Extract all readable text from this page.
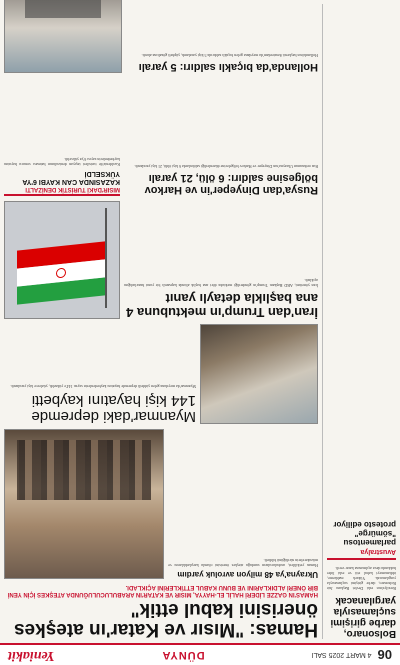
06
4 MART 2025 SALI
DÜNYA
Yeniakit
Bolsonaro, darbe girişimi suçlamasıyla yargılanacak

Brezilya'nın eski Devlet Başkanı Jair Bolsonaro, darbe girişimi suçlamasıyla yargılanacak. Yüksek mahkeme, iddianameyi kabul etti ve eski lider hakkında dava açılmasına karar verdi.

Avustralya
parlamentosu "sömürge" protesto ediliyor
Hamas: "Mısır ve Katar'ın ateşkes önerisini kabul ettik"
HAMAS'IN GAZZE LİDERİ HALİL EL-HAYYA, MISIR VE KATAR'IN ARABULUCULUĞUNDA ATEŞKES İÇİN YENİ BİR ÖNERİ ALDIKLARINI VE BUNU KABUL ETTİKLERİNİ AÇIKLADI.
Ukrayna'ya 48 milyon avroluk yardım

Hamas yetkilileri, arabulucuların sunduğu ateşkes önerisini olumlu karşıladıklarını ve müzakerelerin sürdüğünü bildirdi.

Myanmar'daki depremde 144 kişi hayatını kaybetti

Myanmar'da meydana gelen şiddetli depremde hayatını kaybedenlerin sayısı 144'e yükseldi, yüzlerce kişi yaralandı.

İran'dan Trump'ın mektubuna 4 ana başlıkla detaylı yanıt

İran yönetimi, ABD Başkanı Trump'ın gönderdiği mektuba dört ana başlık altında kapsamlı bir yanıt hazırladığını açıkladı.

Rusya'dan Dinyeper'in ve Harkov bölgesine saldırı: 6 ölü, 21 yaralı

Rus ordusunun Ukrayna'nın Dinyeper ve Harkov bölgelerine düzenlediği saldırılarda 6 kişi öldü, 21 kişi yaralandı.

MISIR'DAKİ TURİSTİK DENİZALTI
KAZASINDA CAN KAYBI 6'YA YÜKSELDİ

Kızıldeniz'de turistleri taşıyan denizaltının batması sonucu hayatını kaybedenlerin sayısı 6'ya yükseldi.

Hollanda'da bıçaklı saldırı: 5 yaralı

Hollanda'nın başkenti Amsterdam'da meydana gelen bıçaklı saldırıda 5 kişi yaralandı, şüpheli gözaltına alındı.
